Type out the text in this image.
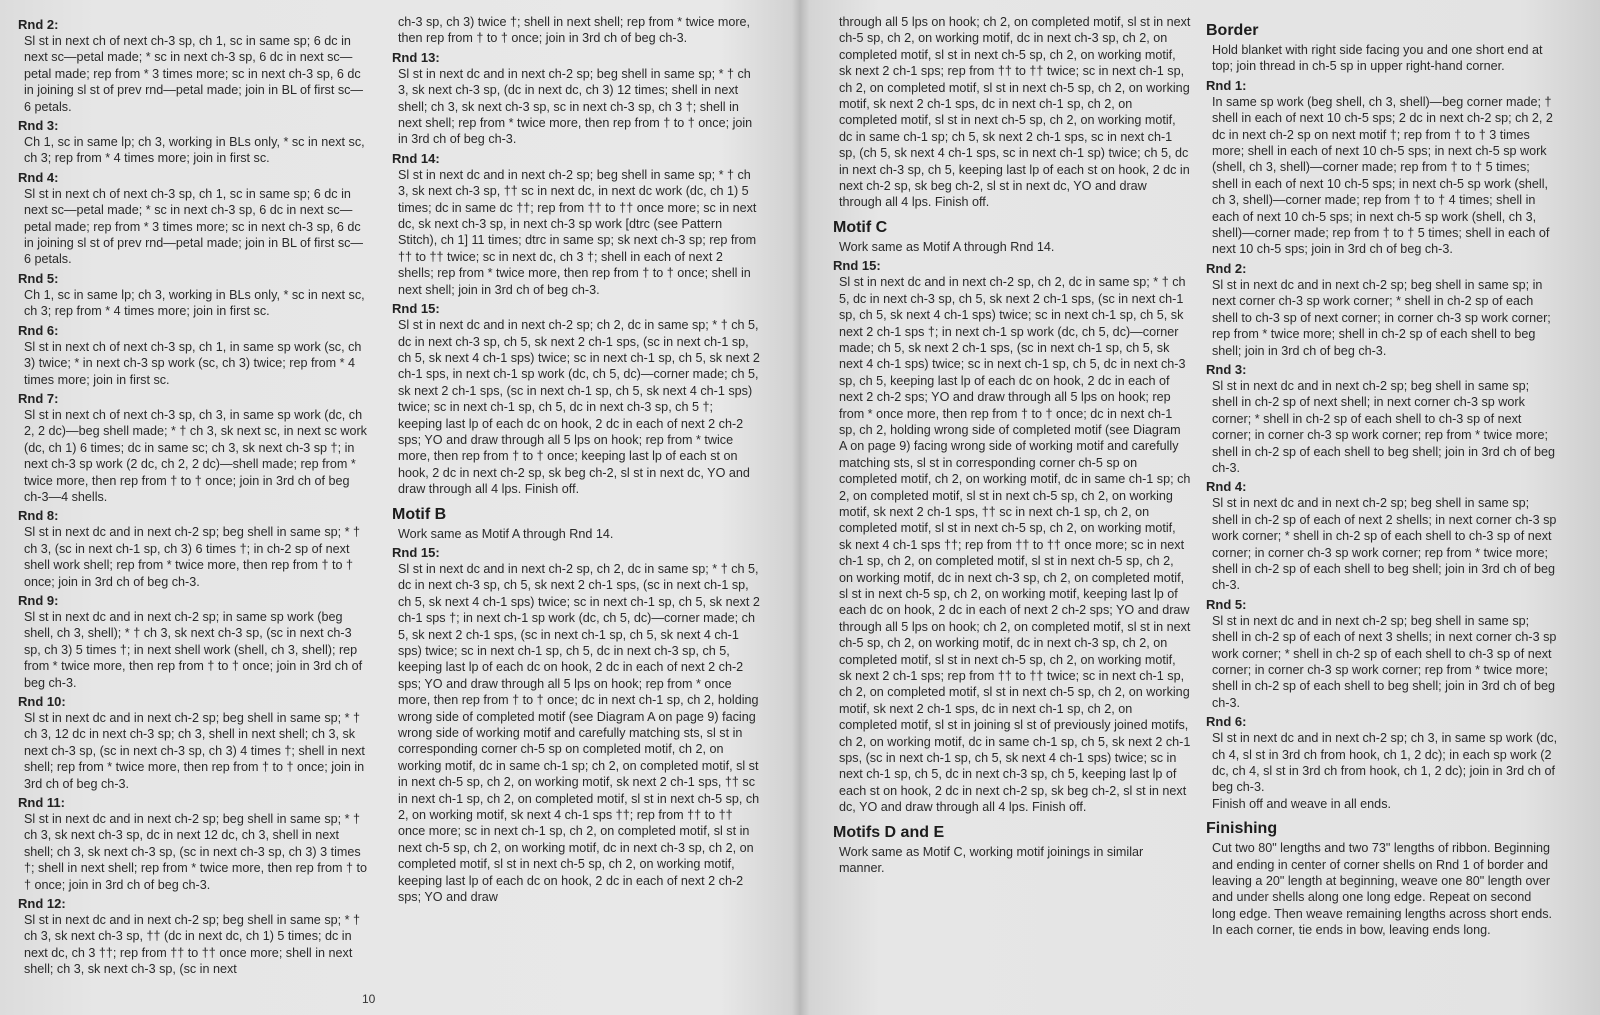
Rnd 2:

Sl st in next ch of next ch-3 sp, ch 1, sc in same sp; 6 dc in next sc—petal made; * sc in next ch-3 sp, 6 dc in next sc—petal made; rep from * 3 times more; sc in next ch-3 sp, 6 dc in joining sl st of prev rnd—petal made; join in BL of first sc—6 petals.

Rnd 3:

Ch 1, sc in same lp; ch 3, working in BLs only, * sc in next sc, ch 3; rep from * 4 times more; join in first sc.

Rnd 4:

Sl st in next ch of next ch-3 sp, ch 1, sc in same sp; 6 dc in next sc—petal made; * sc in next ch-3 sp, 6 dc in next sc—petal made; rep from * 3 times more; sc in next ch-3 sp, 6 dc in joining sl st of prev rnd—petal made; join in BL of first sc—6 petals.

Rnd 5:

Ch 1, sc in same lp; ch 3, working in BLs only, * sc in next sc, ch 3; rep from * 4 times more; join in first sc.

Rnd 6:

Sl st in next ch of next ch-3 sp, ch 1, in same sp work (sc, ch 3) twice; * in next ch-3 sp work (sc, ch 3) twice; rep from * 4 times more; join in first sc.

Rnd 7:

Sl st in next ch of next ch-3 sp, ch 3, in same sp work (dc, ch 2, 2 dc)—beg shell made; * † ch 3, sk next sc, in next sc work (dc, ch 1) 6 times; dc in same sc; ch 3, sk next ch-3 sp †; in next ch-3 sp work (2 dc, ch 2, 2 dc)—shell made; rep from * twice more, then rep from † to † once; join in 3rd ch of beg ch-3—4 shells.

Rnd 8:

Sl st in next dc and in next ch-2 sp; beg shell in same sp; * † ch 3, (sc in next ch-1 sp, ch 3) 6 times †; in ch-2 sp of next shell work shell; rep from * twice more, then rep from † to † once; join in 3rd ch of beg ch-3.

Rnd 9:

Sl st in next dc and in next ch-2 sp; in same sp work (beg shell, ch 3, shell); * † ch 3, sk next ch-3 sp, (sc in next ch-3 sp, ch 3) 5 times †; in next shell work (shell, ch 3, shell); rep from * twice more, then rep from † to † once; join in 3rd ch of beg ch-3.

Rnd 10:

Sl st in next dc and in next ch-2 sp; beg shell in same sp; * † ch 3, 12 dc in next ch-3 sp; ch 3, shell in next shell; ch 3, sk next ch-3 sp, (sc in next ch-3 sp, ch 3) 4 times †; shell in next shell; rep from * twice more, then rep from † to † once; join in 3rd ch of beg ch-3.

Rnd 11:

Sl st in next dc and in next ch-2 sp; beg shell in same sp; * † ch 3, sk next ch-3 sp, dc in next 12 dc, ch 3, shell in next shell; ch 3, sk next ch-3 sp, (sc in next ch-3 sp, ch 3) 3 times †; shell in next shell; rep from * twice more, then rep from † to † once; join in 3rd ch of beg ch-3.

Rnd 12:

Sl st in next dc and in next ch-2 sp; beg shell in same sp; * † ch 3, sk next ch-3 sp, †† (dc in next dc, ch 1) 5 times; dc in next dc, ch 3 ††; rep from †† to †† once more; shell in next shell; ch 3, sk next ch-3 sp, (sc in next

ch-3 sp, ch 3) twice †; shell in next shell; rep from * twice more, then rep from † to † once; join in 3rd ch of beg ch-3.

Rnd 13:

Sl st in next dc and in next ch-2 sp; beg shell in same sp; * † ch 3, sk next ch-3 sp, (dc in next dc, ch 3) 12 times; shell in next shell; ch 3, sk next ch-3 sp, sc in next ch-3 sp, ch 3 †; shell in next shell; rep from * twice more, then rep from † to † once; join in 3rd ch of beg ch-3.

Rnd 14:

Sl st in next dc and in next ch-2 sp; beg shell in same sp; * † ch 3, sk next ch-3 sp, †† sc in next dc, in next dc work (dc, ch 1) 5 times; dc in same dc ††; rep from †† to †† once more; sc in next dc, sk next ch-3 sp, in next ch-3 sp work [dtrc (see Pattern Stitch), ch 1] 11 times; dtrc in same sp; sk next ch-3 sp; rep from †† to †† twice; sc in next dc, ch 3 †; shell in each of next 2 shells; rep from * twice more, then rep from † to † once; shell in next shell; join in 3rd ch of beg ch-3.

Rnd 15:

Sl st in next dc and in next ch-2 sp; ch 2, dc in same sp; * † ch 5, dc in next ch-3 sp, ch 5, sk next 2 ch-1 sps, (sc in next ch-1 sp, ch 5, sk next 4 ch-1 sps) twice; sc in next ch-1 sp, ch 5, sk next 2 ch-1 sps, in next ch-1 sp work (dc, ch 5, dc)—corner made; ch 5, sk next 2 ch-1 sps, (sc in next ch-1 sp, ch 5, sk next 4 ch-1 sps) twice; sc in next ch-1 sp, ch 5, dc in next ch-3 sp, ch 5 †; keeping last lp of each dc on hook, 2 dc in each of next 2 ch-2 sps; YO and draw through all 5 lps on hook; rep from * twice more, then rep from † to † once; keeping last lp of each st on hook, 2 dc in next ch-2 sp, sk beg ch-2, sl st in next dc, YO and draw through all 4 lps. Finish off.

Motif B

Work same as Motif A through Rnd 14.

Rnd 15:

Sl st in next dc and in next ch-2 sp, ch 2, dc in same sp; * † ch 5, dc in next ch-3 sp, ch 5, sk next 2 ch-1 sps, (sc in next ch-1 sp, ch 5, sk next 4 ch-1 sps) twice; sc in next ch-1 sp, ch 5, sk next 2 ch-1 sps †; in next ch-1 sp work (dc, ch 5, dc)—corner made; ch 5, sk next 2 ch-1 sps, (sc in next ch-1 sp, ch 5, sk next 4 ch-1 sps) twice; sc in next ch-1 sp, ch 5, dc in next ch-3 sp, ch 5, keeping last lp of each dc on hook, 2 dc in each of next 2 ch-2 sps; YO and draw through all 5 lps on hook; rep from * once more, then rep from † to † once; dc in next ch-1 sp, ch 2, holding wrong side of completed motif (see Diagram A on page 9) facing wrong side of working motif and carefully matching sts, sl st in corresponding corner ch-5 sp on completed motif, ch 2, on working motif, dc in same ch-1 sp; ch 2, on completed motif, sl st in next ch-5 sp, ch 2, on working motif, sk next 2 ch-1 sps, †† sc in next ch-1 sp, ch 2, on completed motif, sl st in next ch-5 sp, ch 2, on working motif, sk next 4 ch-1 sps ††; rep from †† to †† once more; sc in next ch-1 sp, ch 2, on completed motif, sl st in next ch-5 sp, ch 2, on working motif, dc in next ch-3 sp, ch 2, on completed motif, sl st in next ch-5 sp, ch 2, on working motif, keeping last lp of each dc on hook, 2 dc in each of next 2 ch-2 sps; YO and draw

10

through all 5 lps on hook; ch 2, on completed motif, sl st in next ch-5 sp, ch 2, on working motif, dc in next ch-3 sp, ch 2, on completed motif, sl st in next ch-5 sp, ch 2, on working motif, sk next 2 ch-1 sps; rep from †† to †† twice; sc in next ch-1 sp, ch 2, on completed motif, sl st in next ch-5 sp, ch 2, on working motif, sk next 2 ch-1 sps, dc in next ch-1 sp, ch 2, on completed motif, sl st in next ch-5 sp, ch 2, on working motif, dc in same ch-1 sp; ch 5, sk next 2 ch-1 sps, sc in next ch-1 sp, (ch 5, sk next 4 ch-1 sps, sc in next ch-1 sp) twice; ch 5, dc in next ch-3 sp, ch 5, keeping last lp of each st on hook, 2 dc in next ch-2 sp, sk beg ch-2, sl st in next dc, YO and draw through all 4 lps. Finish off.

Motif C

Work same as Motif A through Rnd 14.

Rnd 15:

Sl st in next dc and in next ch-2 sp, ch 2, dc in same sp; * † ch 5, dc in next ch-3 sp, ch 5, sk next 2 ch-1 sps, (sc in next ch-1 sp, ch 5, sk next 4 ch-1 sps) twice; sc in next ch-1 sp, ch 5, sk next 2 ch-1 sps †; in next ch-1 sp work (dc, ch 5, dc)—corner made; ch 5, sk next 2 ch-1 sps, (sc in next ch-1 sp, ch 5, sk next 4 ch-1 sps) twice; sc in next ch-1 sp, ch 5, dc in next ch-3 sp, ch 5, keeping last lp of each dc on hook, 2 dc in each of next 2 ch-2 sps; YO and draw through all 5 lps on hook; rep from * once more, then rep from † to † once; dc in next ch-1 sp, ch 2, holding wrong side of completed motif (see Diagram A on page 9) facing wrong side of working motif and carefully matching sts, sl st in corresponding corner ch-5 sp on completed motif, ch 2, on working motif, dc in same ch-1 sp; ch 2, on completed motif, sl st in next ch-5 sp, ch 2, on working motif, sk next 2 ch-1 sps, †† sc in next ch-1 sp, ch 2, on completed motif, sl st in next ch-5 sp, ch 2, on working motif, sk next 4 ch-1 sps ††; rep from †† to †† once more; sc in next ch-1 sp, ch 2, on completed motif, sl st in next ch-5 sp, ch 2, on working motif, dc in next ch-3 sp, ch 2, on completed motif, sl st in next ch-5 sp, ch 2, on working motif, keeping last lp of each dc on hook, 2 dc in each of next 2 ch-2 sps; YO and draw through all 5 lps on hook; ch 2, on completed motif, sl st in next ch-5 sp, ch 2, on working motif, dc in next ch-3 sp, ch 2, on completed motif, sl st in next ch-5 sp, ch 2, on working motif, sk next 2 ch-1 sps; rep from †† to †† twice; sc in next ch-1 sp, ch 2, on completed motif, sl st in next ch-5 sp, ch 2, on working motif, sk next 2 ch-1 sps, dc in next ch-1 sp, ch 2, on completed motif, sl st in joining sl st of previously joined motifs, ch 2, on working motif, dc in same ch-1 sp, ch 5, sk next 2 ch-1 sps, (sc in next ch-1 sp, ch 5, sk next 4 ch-1 sps) twice; sc in next ch-1 sp, ch 5, dc in next ch-3 sp, ch 5, keeping last lp of each st on hook, 2 dc in next ch-2 sp, sk beg ch-2, sl st in next dc, YO and draw through all 4 lps. Finish off.

Motifs D and E

Work same as Motif C, working motif joinings in similar manner.

Border

Hold blanket with right side facing you and one short end at top; join thread in ch-5 sp in upper right-hand corner.

Rnd 1:

In same sp work (beg shell, ch 3, shell)—beg corner made; † shell in each of next 10 ch-5 sps; 2 dc in next ch-2 sp; ch 2, 2 dc in next ch-2 sp on next motif †; rep from † to † 3 times more; shell in each of next 10 ch-5 sps; in next ch-5 sp work (shell, ch 3, shell)—corner made; rep from † to † 5 times; shell in each of next 10 ch-5 sps; in next ch-5 sp work (shell, ch 3, shell)—corner made; rep from † to † 4 times; shell in each of next 10 ch-5 sps; in next ch-5 sp work (shell, ch 3, shell)—corner made; rep from † to † 5 times; shell in each of next 10 ch-5 sps; join in 3rd ch of beg ch-3.

Rnd 2:

Sl st in next dc and in next ch-2 sp; beg shell in same sp; in next corner ch-3 sp work corner; * shell in ch-2 sp of each shell to ch-3 sp of next corner; in corner ch-3 sp work corner; rep from * twice more; shell in ch-2 sp of each shell to beg shell; join in 3rd ch of beg ch-3.

Rnd 3:

Sl st in next dc and in next ch-2 sp; beg shell in same sp; shell in ch-2 sp of next shell; in next corner ch-3 sp work corner; * shell in ch-2 sp of each shell to ch-3 sp of next corner; in corner ch-3 sp work corner; rep from * twice more; shell in ch-2 sp of each shell to beg shell; join in 3rd ch of beg ch-3.

Rnd 4:

Sl st in next dc and in next ch-2 sp; beg shell in same sp; shell in ch-2 sp of each of next 2 shells; in next corner ch-3 sp work corner; * shell in ch-2 sp of each shell to ch-3 sp of next corner; in corner ch-3 sp work corner; rep from * twice more; shell in ch-2 sp of each shell to beg shell; join in 3rd ch of beg ch-3.

Rnd 5:

Sl st in next dc and in next ch-2 sp; beg shell in same sp; shell in ch-2 sp of each of next 3 shells; in next corner ch-3 sp work corner; * shell in ch-2 sp of each shell to ch-3 sp of next corner; in corner ch-3 sp work corner; rep from * twice more; shell in ch-2 sp of each shell to beg shell; join in 3rd ch of beg ch-3.

Rnd 6:

Sl st in next dc and in next ch-2 sp; ch 3, in same sp work (dc, ch 4, sl st in 3rd ch from hook, ch 1, 2 dc); in each sp work (2 dc, ch 4, sl st in 3rd ch from hook, ch 1, 2 dc); join in 3rd ch of beg ch-3.

Finish off and weave in all ends.

Finishing

Cut two 80" lengths and two 73" lengths of ribbon. Beginning and ending in center of corner shells on Rnd 1 of border and leaving a 20" length at beginning, weave one 80" length over and under shells along one long edge. Repeat on second long edge. Then weave remaining lengths across short ends. In each corner, tie ends in bow, leaving ends long.
